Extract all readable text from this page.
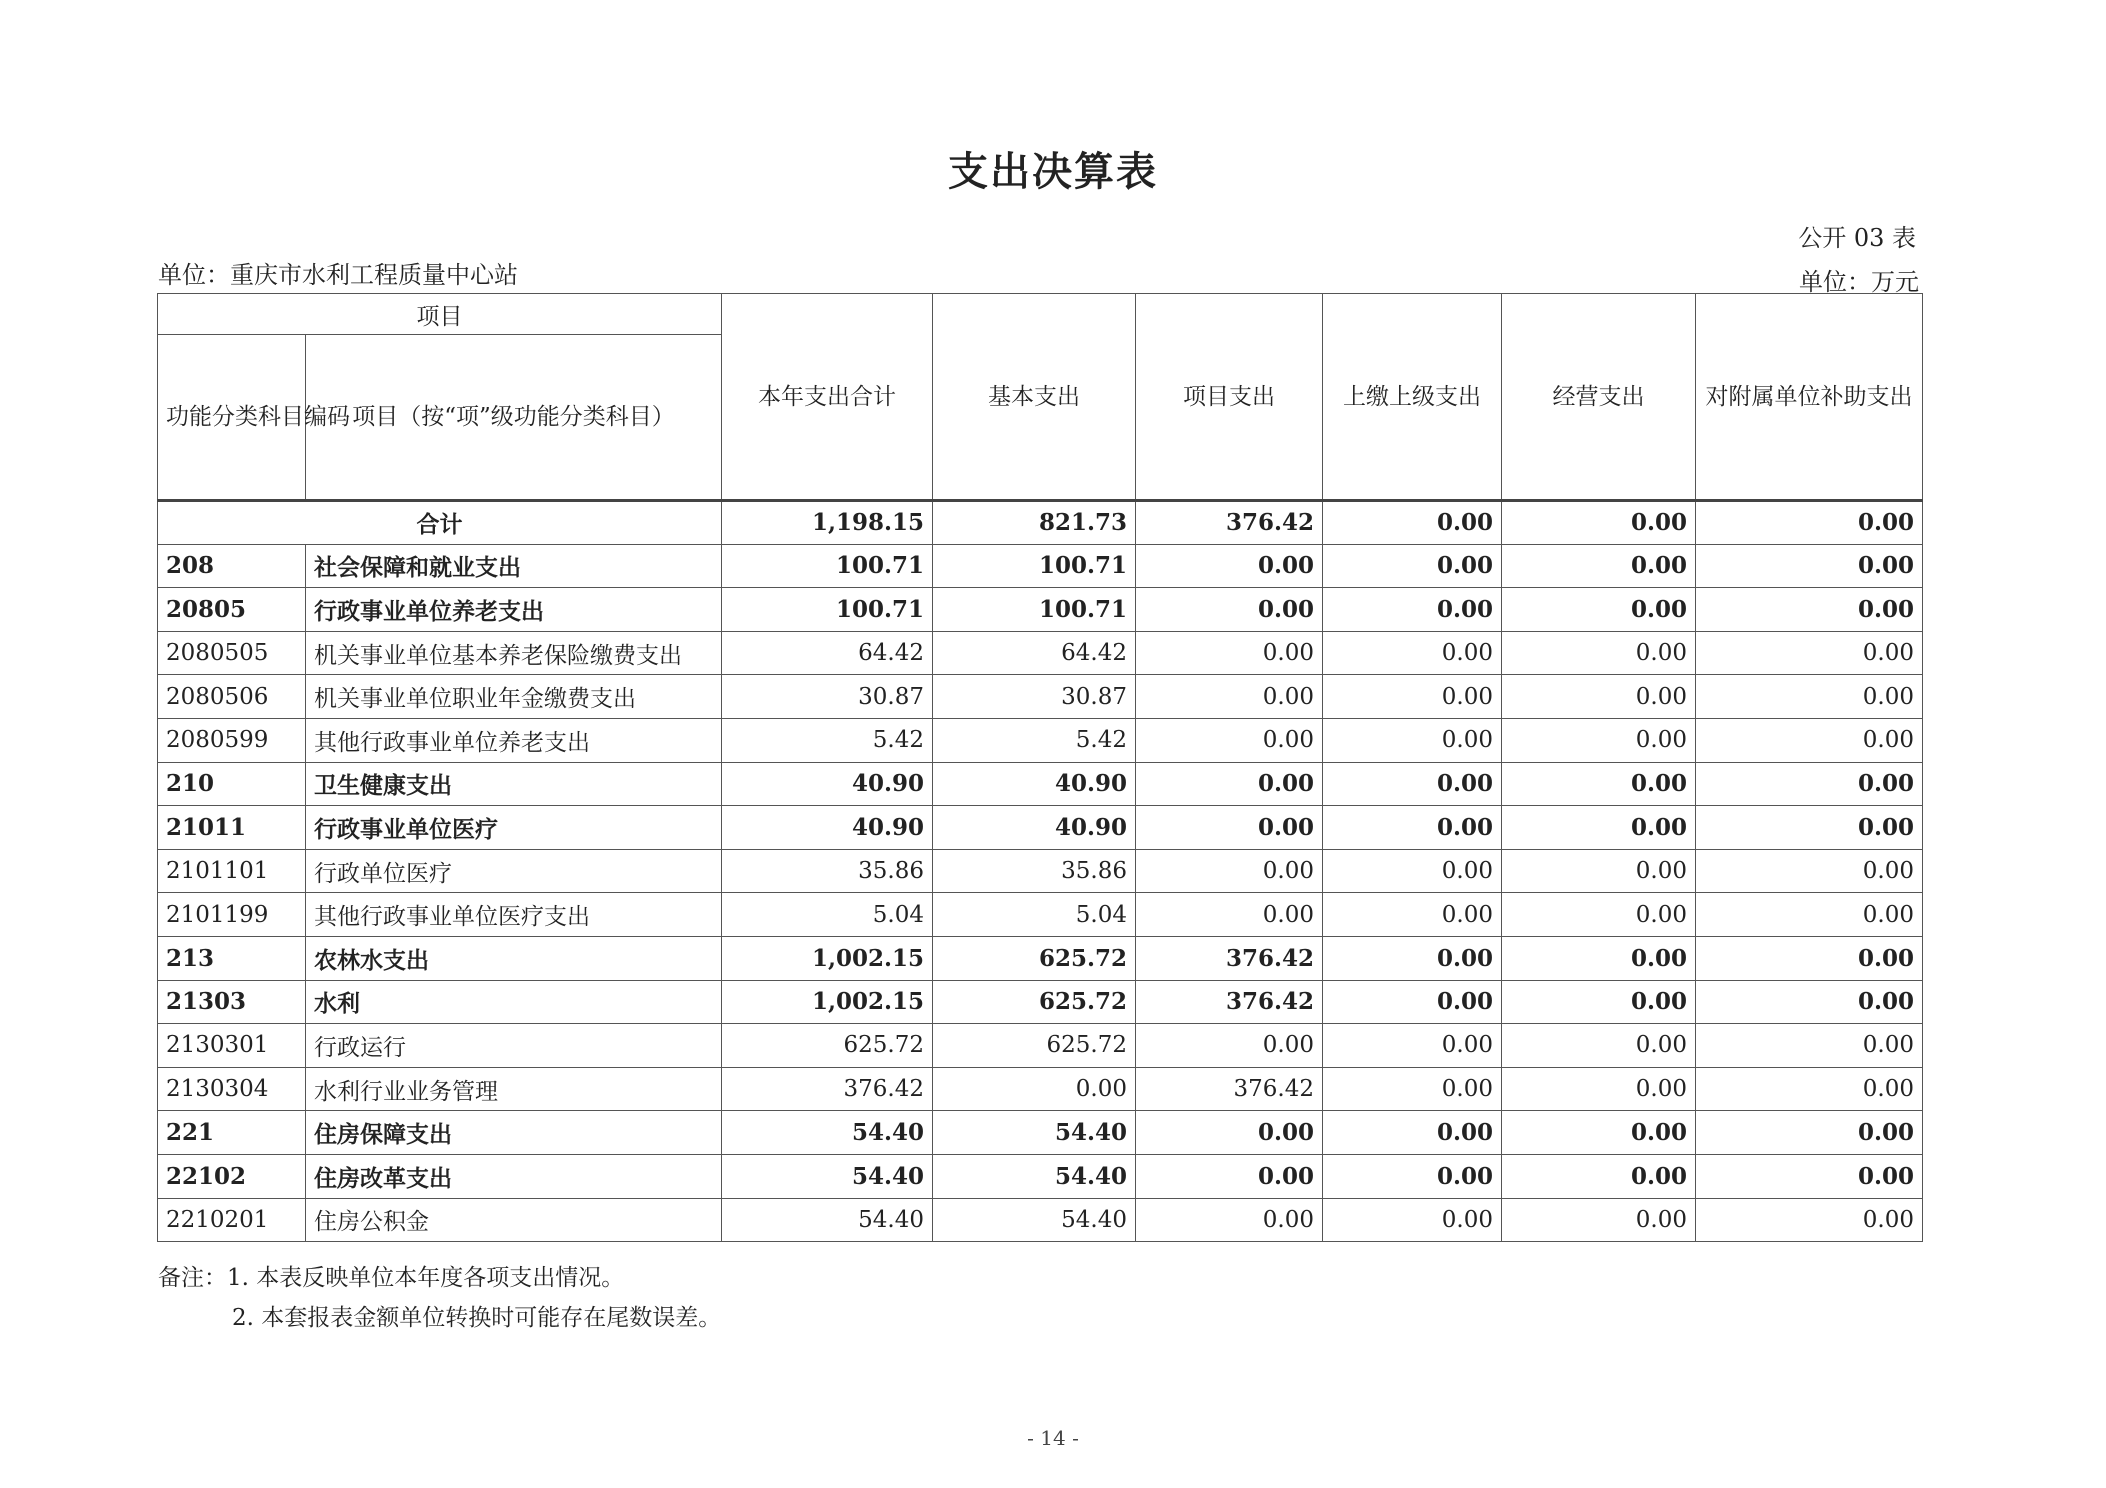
支出决算表
公开 03 表
单位：重庆市水利工程质量中心站	单位：万元
项目		本年支出合计	基本支出	项目支出	上缴上级支出	经营支出	对附属单位补助支出
功能分类科目编码	项目（按“项”级功能分类科目）						
合计		1,198.15	821.73	376.42	0.00	0.00	0.00
208	社会保障和就业支出	100.71	100.71	0.00	0.00	0.00	0.00
20805	行政事业单位养老支出	100.71	100.71	0.00	0.00	0.00	0.00
2080505	机关事业单位基本养老保险缴费支出	64.42	64.42	0.00	0.00	0.00	0.00
2080506	机关事业单位职业年金缴费支出	30.87	30.87	0.00	0.00	0.00	0.00
2080599	其他行政事业单位养老支出	5.42	5.42	0.00	0.00	0.00	0.00
210	卫生健康支出	40.90	40.90	0.00	0.00	0.00	0.00
21011	行政事业单位医疗	40.90	40.90	0.00	0.00	0.00	0.00
2101101	行政单位医疗	35.86	35.86	0.00	0.00	0.00	0.00
2101199	其他行政事业单位医疗支出	5.04	5.04	0.00	0.00	0.00	0.00
213	农林水支出	1,002.15	625.72	376.42	0.00	0.00	0.00
21303	水利	1,002.15	625.72	376.42	0.00	0.00	0.00
2130301	行政运行	625.72	625.72	0.00	0.00	0.00	0.00
2130304	水利行业业务管理	376.42	0.00	376.42	0.00	0.00	0.00
221	住房保障支出	54.40	54.40	0.00	0.00	0.00	0.00
22102	住房改革支出	54.40	54.40	0.00	0.00	0.00	0.00
2210201	住房公积金	54.40	54.40	0.00	0.00	0.00	0.00
备注：1. 本表反映单位本年度各项支出情况。
2. 本套报表金额单位转换时可能存在尾数误差。
- 14 -
